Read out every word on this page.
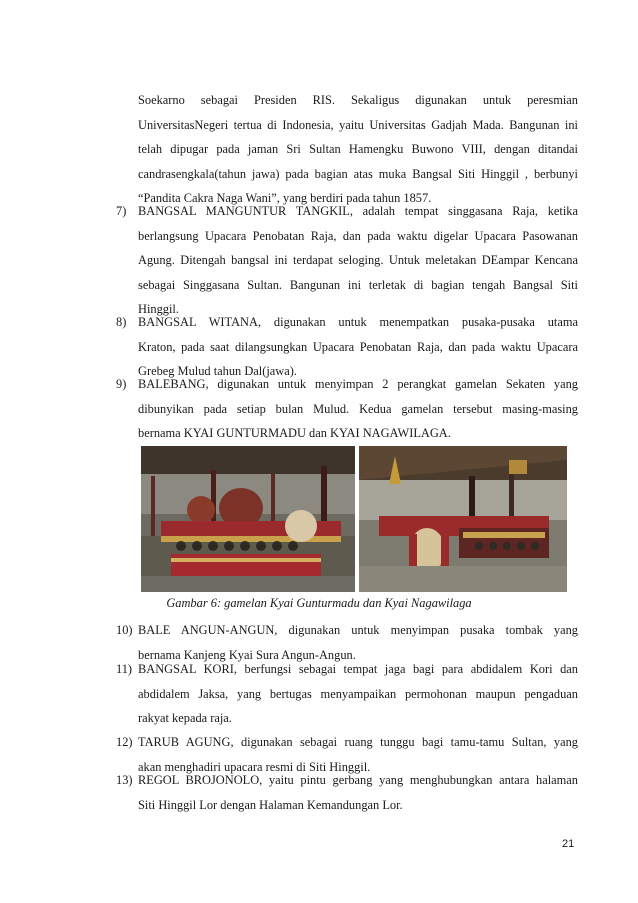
Soekarno sebagai Presiden RIS. Sekaligus digunakan untuk peresmian
UniversitasNegeri tertua di Indonesia, yaitu Universitas Gadjah Mada. Bangunan ini
telah dipugar pada jaman Sri Sultan Hamengku Buwono VIII, dengan ditandai
candrasengkala(tahun jawa) pada bagian atas muka Bangsal Siti Hinggil , berbunyi
“Pandita Cakra Naga Wani”, yang berdiri pada tahun 1857.
7) BANGSAL MANGUNTUR TANGKIL, adalah tempat singgasana Raja, ketika
berlangsung Upacara Penobatan Raja, dan pada waktu digelar Upacara Pasowanan
Agung. Ditengah bangsal ini terdapat seloging. Untuk meletakan DEampar Kencana
sebagai Singgasana Sultan. Bangunan ini terletak di bagian tengah Bangsal Siti
Hinggil.
8) BANGSAL WITANA, digunakan untuk menempatkan pusaka-pusaka utama
Kraton, pada saat dilangsungkan Upacara Penobatan Raja, dan pada waktu Upacara
Grebeg Mulud tahun Dal(jawa).
9) BALEBANG, digunakan untuk menyimpan 2 perangkat gamelan Sekaten yang
dibunyikan pada setiap bulan Mulud. Kedua gamelan tersebut masing-masing
bernama KYAI GUNTURMADU dan KYAI NAGAWILAGA.
Gambar 6: gamelan Kyai Gunturmadu dan Kyai Nagawilaga
10) BALE ANGUN-ANGUN, digunakan untuk menyimpan pusaka tombak yang
bernama Kanjeng Kyai Sura Angun-Angun.
11) BANGSAL KORI, berfungsi sebagai tempat jaga bagi para abdidalem Kori dan
abdidalem Jaksa, yang bertugas menyampaikan permohonan maupun pengaduan
rakyat kepada raja.
12) TARUB AGUNG, digunakan sebagai ruang tunggu bagi tamu-tamu Sultan, yang
akan menghadiri upacara resmi di Siti Hinggil.
13) REGOL BROJONOLO, yaitu pintu gerbang yang menghubungkan antara halaman
Siti Hinggil Lor dengan Halaman Kemandungan Lor.
21
